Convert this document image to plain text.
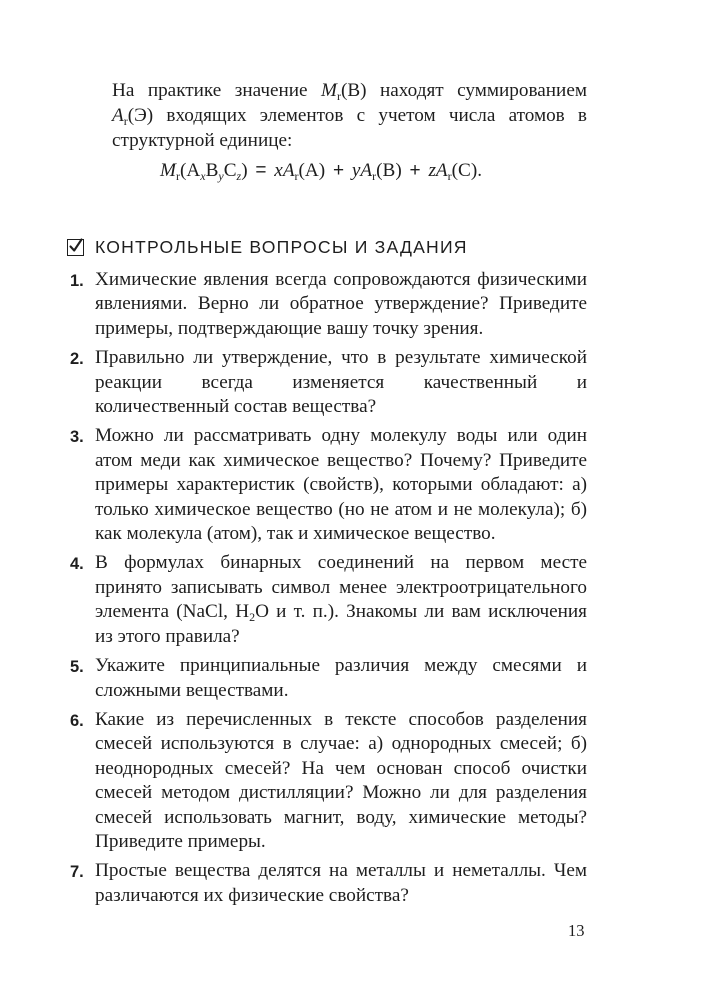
На практике значение $M_r(B)$ находят суммированием $A_r(Э)$ входящих элементов с учетом числа атомов в структурной единице:
$M_r(A_xB_yC_z) = xA_r(A) + yA_r(B) + zA_r(C)$.
КОНТРОЛЬНЫЕ ВОПРОСЫ И ЗАДАНИЯ
1. Химические явления всегда сопровождаются физическими явлениями. Верно ли обратное утверждение? Приведите примеры, подтверждающие вашу точку зрения.
2. Правильно ли утверждение, что в результате химической реакции всегда изменяется качественный и количественный состав вещества?
3. Можно ли рассматривать одну молекулу воды или один атом меди как химическое вещество? Почему? Приведите примеры характеристик (свойств), которыми обладают: а) только химическое вещество (но не атом и не молекула); б) как молекула (атом), так и химическое вещество.
4. В формулах бинарных соединений на первом месте принято записывать символ менее электроотрицательного элемента (NaCl, $H_2O$ и т. п.). Знакомы ли вам исключения из этого правила?
5. Укажите принципиальные различия между смесями и сложными веществами.
6. Какие из перечисленных в тексте способов разделения смесей используются в случае: а) однородных смесей; б) неоднородных смесей? На чем основан способ очистки смесей методом дистилляции? Можно ли для разделения смесей использовать магнит, воду, химические методы? Приведите примеры.
7. Простые вещества делятся на металлы и неметаллы. Чем различаются их физические свойства?
13
